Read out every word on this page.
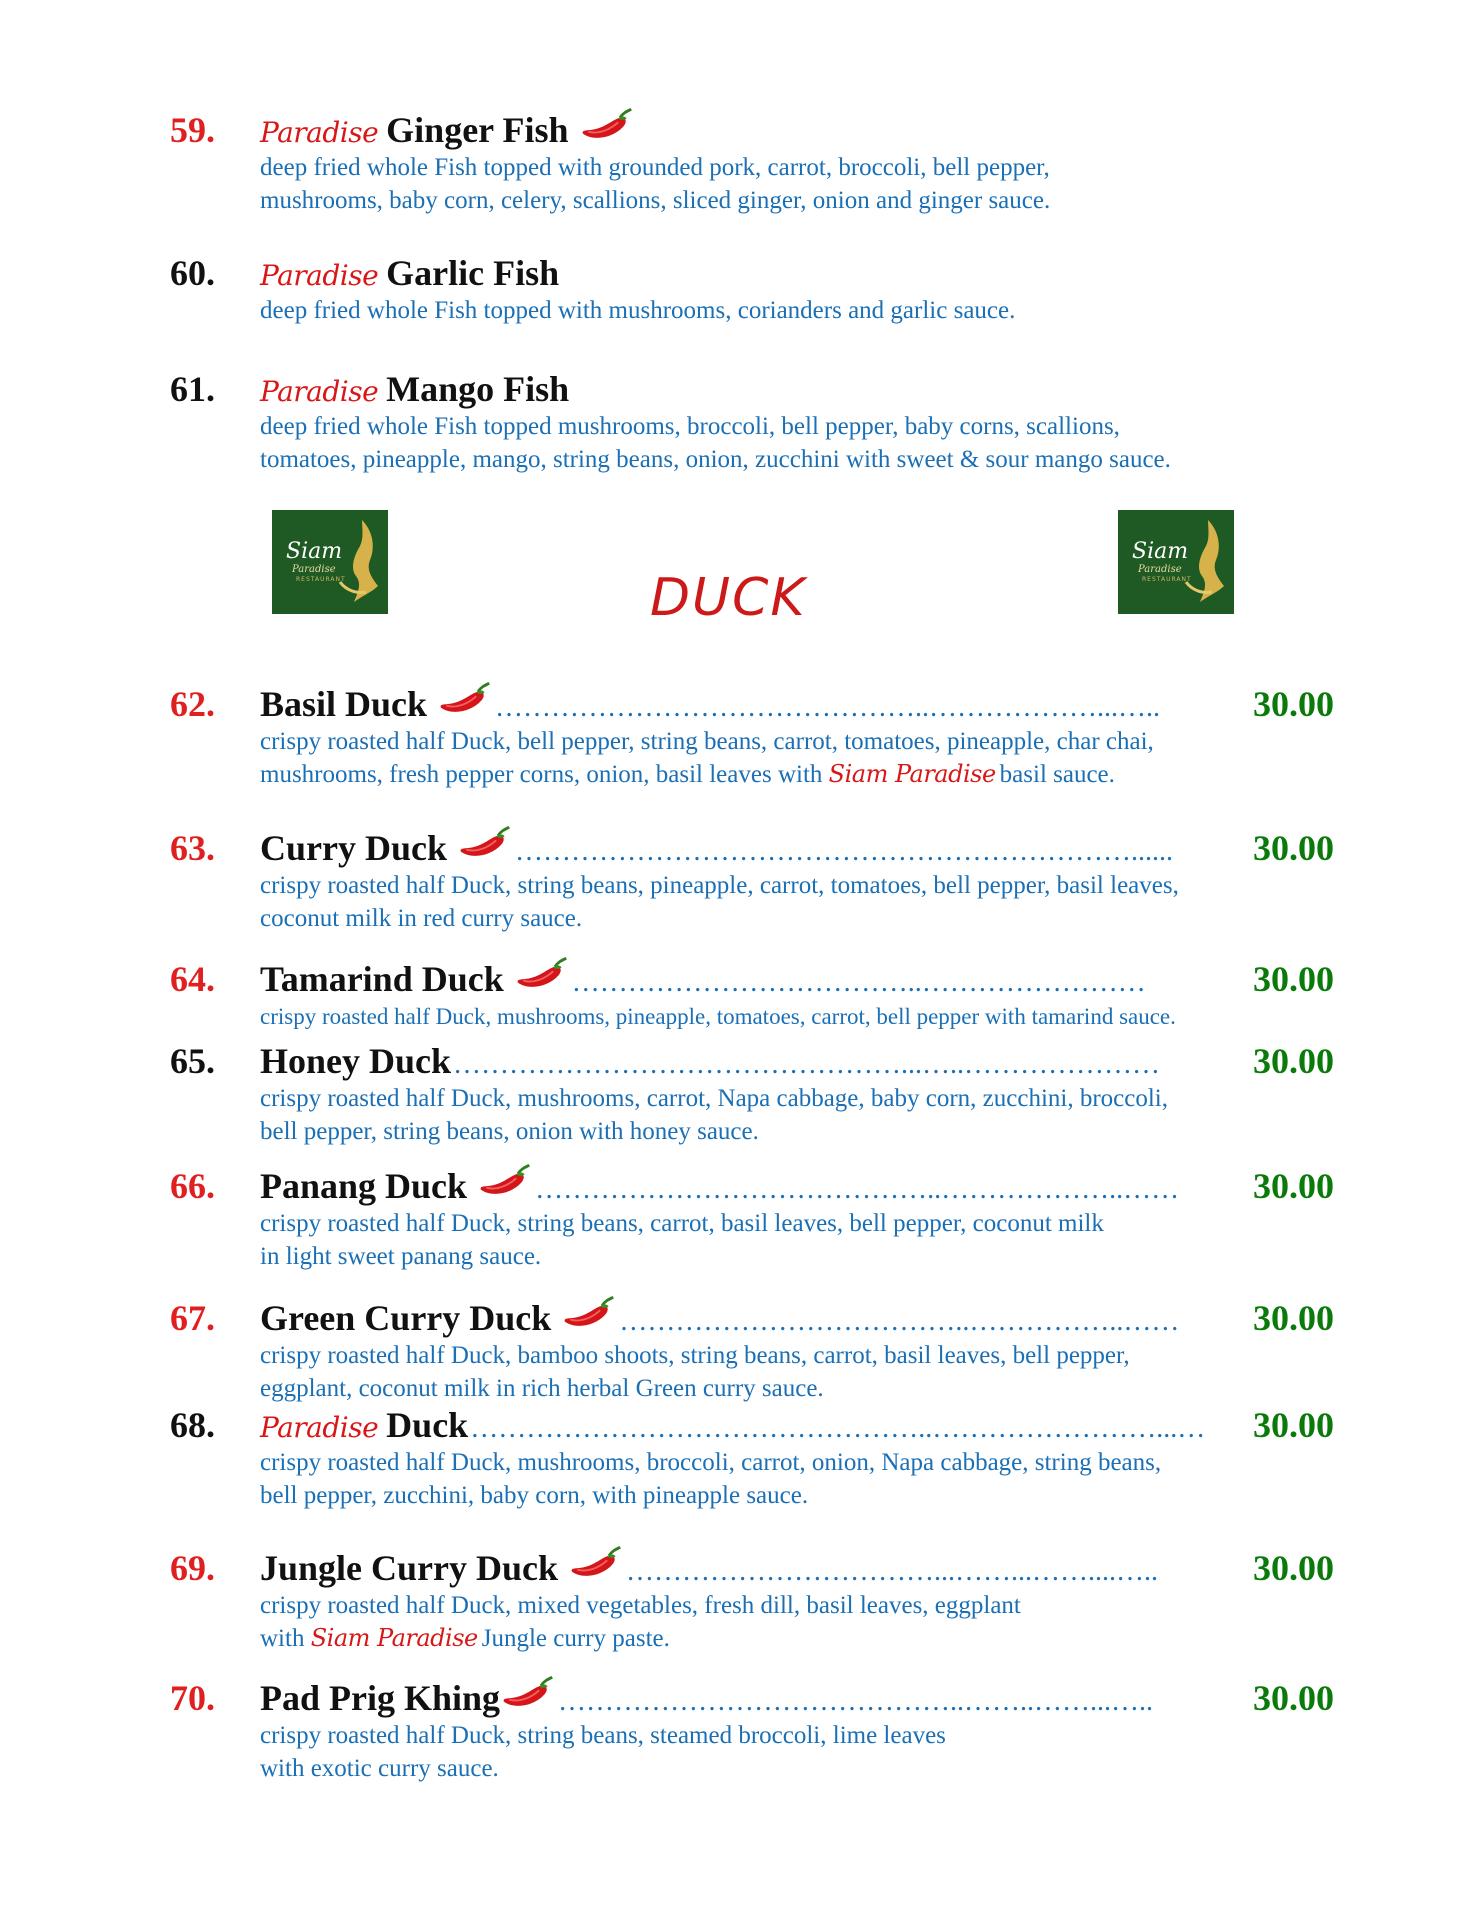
59.	Paradise Ginger Fish
deep fried whole Fish topped with grounded pork, carrot, broccoli, bell pepper,
mushrooms, baby corn, celery, scallions, sliced ginger, onion and ginger sauce.
60.	Paradise Garlic Fish
deep fried whole Fish topped with mushrooms, corianders and garlic sauce.
61.	Paradise Mango Fish
deep fried whole Fish topped mushrooms, broccoli, bell pepper, baby corns, scallions,
tomatoes, pineapple, mango, string beans, onion, zucchini with sweet & sour mango sauce.
Siam
Paradise
RESTAURANT	DUCK
Siam
Paradise
RESTAURANT
62.	Basil Duck ………………………………………..………………...…..	30.00
crispy roasted half Duck, bell pepper, string beans, carrot, tomatoes, pineapple, char chai,
mushrooms, fresh pepper corns, onion, basil leaves with Siam Paradise basil sauce.
63.	Curry Duck …………………………………………………………......	30.00
crispy roasted half Duck, string beans, pineapple, carrot, tomatoes, bell pepper, basil leaves,
coconut milk in red curry sauce.
64.	Tamarind Duck ………………………………..……………………	30.00
crispy roasted half Duck, mushrooms, pineapple, tomatoes, carrot, bell pepper with tamarind sauce.
65.	Honey Duck …………………………………………...…..…………………	30.00
crispy roasted half Duck, mushrooms, carrot, Napa cabbage, baby corn, zucchini, broccoli,
bell pepper, string beans, onion with honey sauce.
66.	Panang Duck ……………………………………..………………..……	30.00
crispy roasted half Duck, string beans, carrot, basil leaves, bell pepper, coconut milk
in light sweet panang sauce.
67.	Green Curry Duck ………………………………..……………..……	30.00
crispy roasted half Duck, bamboo shoots, string beans, carrot, basil leaves, bell pepper,
eggplant, coconut milk in rich herbal Green curry sauce.
68.	Paradise Duck …………………………………………..……………………...…	30.00
crispy roasted half Duck, mushrooms, broccoli, carrot, onion, Napa cabbage, string beans,
bell pepper, zucchini, baby corn, with pineapple sauce.
69.	Jungle Curry Duck ……………………………...……...……....…..	30.00
crispy roasted half Duck, mixed vegetables, fresh dill, basil leaves, eggplant
with Siam Paradise Jungle curry paste.
70.	Pad Prig Khing ……………………………………..……..……...…..	30.00
crispy roasted half Duck, string beans, steamed broccoli, lime leaves
with exotic curry sauce.
